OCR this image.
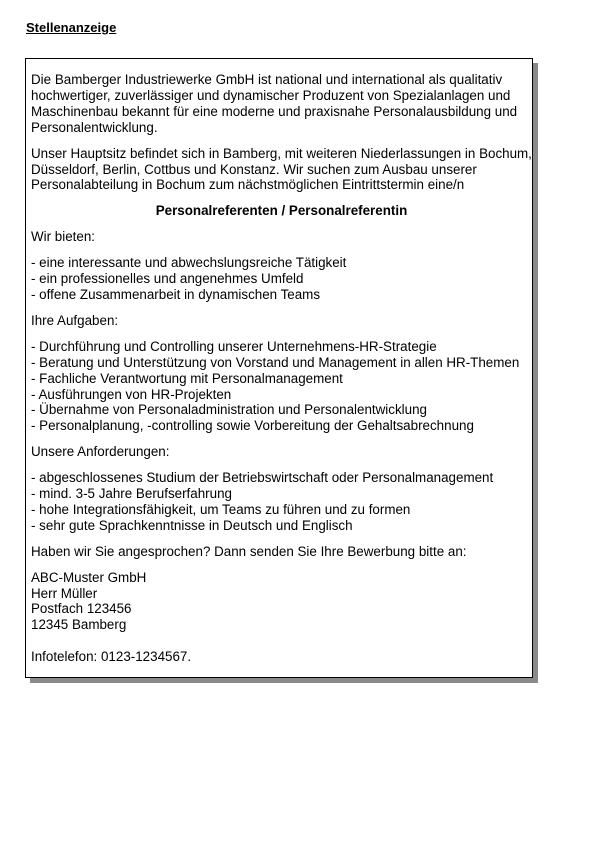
Stellenanzeige

Die Bamberger Industriewerke GmbH ist national und international als qualitativ hochwertiger, zuverlässiger und dynamischer Produzent von Spezialanlagen und Maschinenbau bekannt für eine moderne und praxisnahe Personalausbildung und Personalentwicklung.

Unser Hauptsitz befindet sich in Bamberg, mit weiteren Niederlassungen in Bochum, Düsseldorf, Berlin, Cottbus und Konstanz. Wir suchen zum Ausbau unserer Personalabteilung in Bochum zum nächstmöglichen Eintrittstermin eine/n

Personalreferenten / Personalreferentin

Wir bieten:

- eine interessante und abwechslungsreiche Tätigkeit
- ein professionelles und angenehmes Umfeld
- offene Zusammenarbeit in dynamischen Teams

Ihre Aufgaben:

- Durchführung und Controlling unserer Unternehmens-HR-Strategie
- Beratung und Unterstützung von Vorstand und Management in allen HR-Themen
- Fachliche Verantwortung mit Personalmanagement
- Ausführungen von HR-Projekten
- Übernahme von Personaladministration und Personalentwicklung
- Personalplanung, -controlling sowie Vorbereitung der Gehaltsabrechnung

Unsere Anforderungen:

- abgeschlossenes Studium der Betriebswirtschaft oder Personalmanagement
- mind. 3-5 Jahre Berufserfahrung
- hohe Integrationsfähigkeit, um Teams zu führen und zu formen
- sehr gute Sprachkenntnisse in Deutsch und Englisch

Haben wir Sie angesprochen? Dann senden Sie Ihre Bewerbung bitte an:

ABC-Muster GmbH
Herr Müller
Postfach 123456
12345 Bamberg

Infotelefon: 0123-1234567.
